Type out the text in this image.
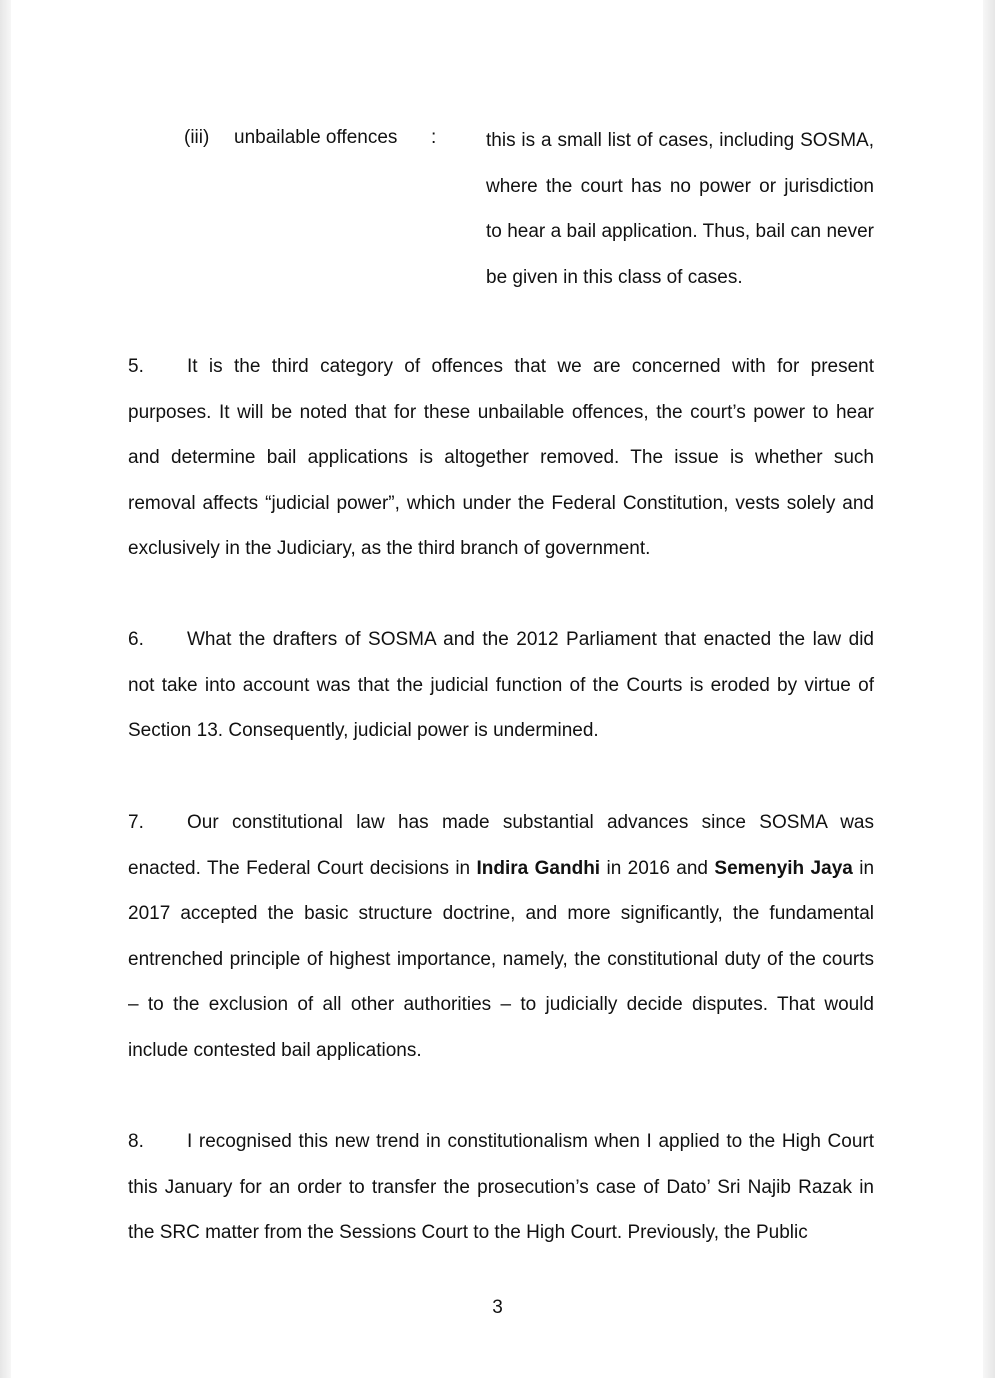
(iii) unbailable offences :	this is a small list of cases, including SOSMA, where the court has no power or jurisdiction to hear a bail application. Thus, bail can never be given in this class of cases.

5. It is the third category of offences that we are concerned with for present purposes. It will be noted that for these unbailable offences, the court’s power to hear and determine bail applications is altogether removed. The issue is whether such removal affects “judicial power”, which under the Federal Constitution, vests solely and exclusively in the Judiciary, as the third branch of government.

6. What the drafters of SOSMA and the 2012 Parliament that enacted the law did not take into account was that the judicial function of the Courts is eroded by virtue of Section 13. Consequently, judicial power is undermined.

7. Our constitutional law has made substantial advances since SOSMA was enacted. The Federal Court decisions in Indira Gandhi in 2016 and Semenyih Jaya in 2017 accepted the basic structure doctrine, and more significantly, the fundamental entrenched principle of highest importance, namely, the constitutional duty of the courts – to the exclusion of all other authorities – to judicially decide disputes. That would include contested bail applications.

8. I recognised this new trend in constitutionalism when I applied to the High Court this January for an order to transfer the prosecution’s case of Dato’ Sri Najib Razak in the SRC matter from the Sessions Court to the High Court. Previously, the Public

3
